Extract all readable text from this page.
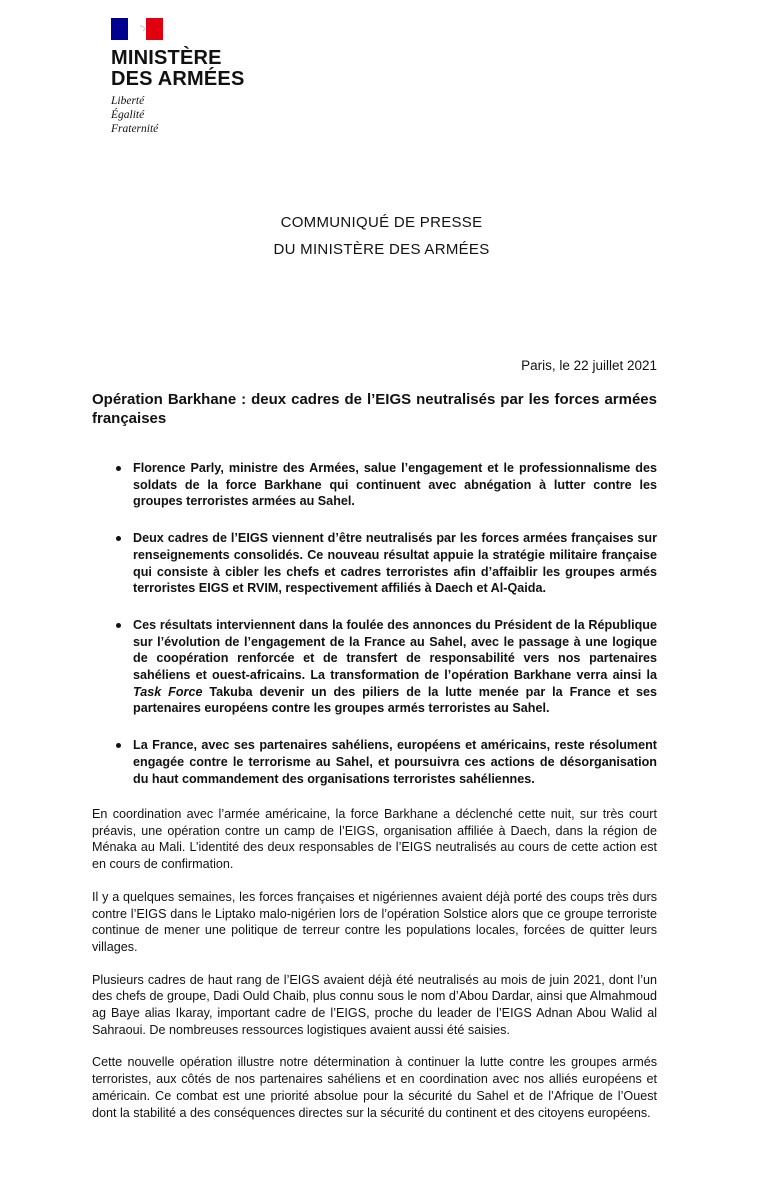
MINISTÈRE
DES ARMÉES
Liberté
Égalité
Fraternité
COMMUNIQUÉ DE PRESSE
DU MINISTÈRE DES ARMÉES
Paris, le 22 juillet 2021
Opération Barkhane : deux cadres de l’EIGS neutralisés par les forces armées françaises
Florence Parly, ministre des Armées, salue l’engagement et le professionnalisme des soldats de la force Barkhane qui continuent avec abnégation à lutter contre les groupes terroristes armées au Sahel.
Deux cadres de l’EIGS viennent d’être neutralisés par les forces armées françaises sur renseignements consolidés. Ce nouveau résultat appuie la stratégie militaire française qui consiste à cibler les chefs et cadres terroristes afin d’affaiblir les groupes armés terroristes EIGS et RVIM, respectivement affiliés à Daech et Al-Qaida.
Ces résultats interviennent dans la foulée des annonces du Président de la République sur l’évolution de l’engagement de la France au Sahel, avec le passage à une logique de coopération renforcée et de transfert de responsabilité vers nos partenaires sahéliens et ouest-africains. La transformation de l’opération Barkhane verra ainsi la Task Force Takuba devenir un des piliers de la lutte menée par la France et ses partenaires européens contre les groupes armés terroristes au Sahel.
La France, avec ses partenaires sahéliens, européens et américains, reste résolument engagée contre le terrorisme au Sahel, et poursuivra ces actions de désorganisation du haut commandement des organisations terroristes sahéliennes.

En coordination avec l’armée américaine, la force Barkhane a déclenché cette nuit, sur très court préavis, une opération contre un camp de l’EIGS, organisation affiliée à Daech, dans la région de Ménaka au Mali. L’identité des deux responsables de l’EIGS neutralisés au cours de cette action est en cours de confirmation.

Il y a quelques semaines, les forces françaises et nigériennes avaient déjà porté des coups très durs contre l’EIGS dans le Liptako malo-nigérien lors de l’opération Solstice alors que ce groupe terroriste continue de mener une politique de terreur contre les populations locales, forcées de quitter leurs villages.

Plusieurs cadres de haut rang de l’EIGS avaient déjà été neutralisés au mois de juin 2021, dont l’un des chefs de groupe, Dadi Ould Chaib, plus connu sous le nom d’Abou Dardar, ainsi que Almahmoud ag Baye alias Ikaray, important cadre de l’EIGS, proche du leader de l’EIGS Adnan Abou Walid al Sahraoui. De nombreuses ressources logistiques avaient aussi été saisies.

Cette nouvelle opération illustre notre détermination à continuer la lutte contre les groupes armés terroristes, aux côtés de nos partenaires sahéliens et en coordination avec nos alliés européens et américain. Ce combat est une priorité absolue pour la sécurité du Sahel et de l’Afrique de l’Ouest dont la stabilité a des conséquences directes sur la sécurité du continent et des citoyens européens.
